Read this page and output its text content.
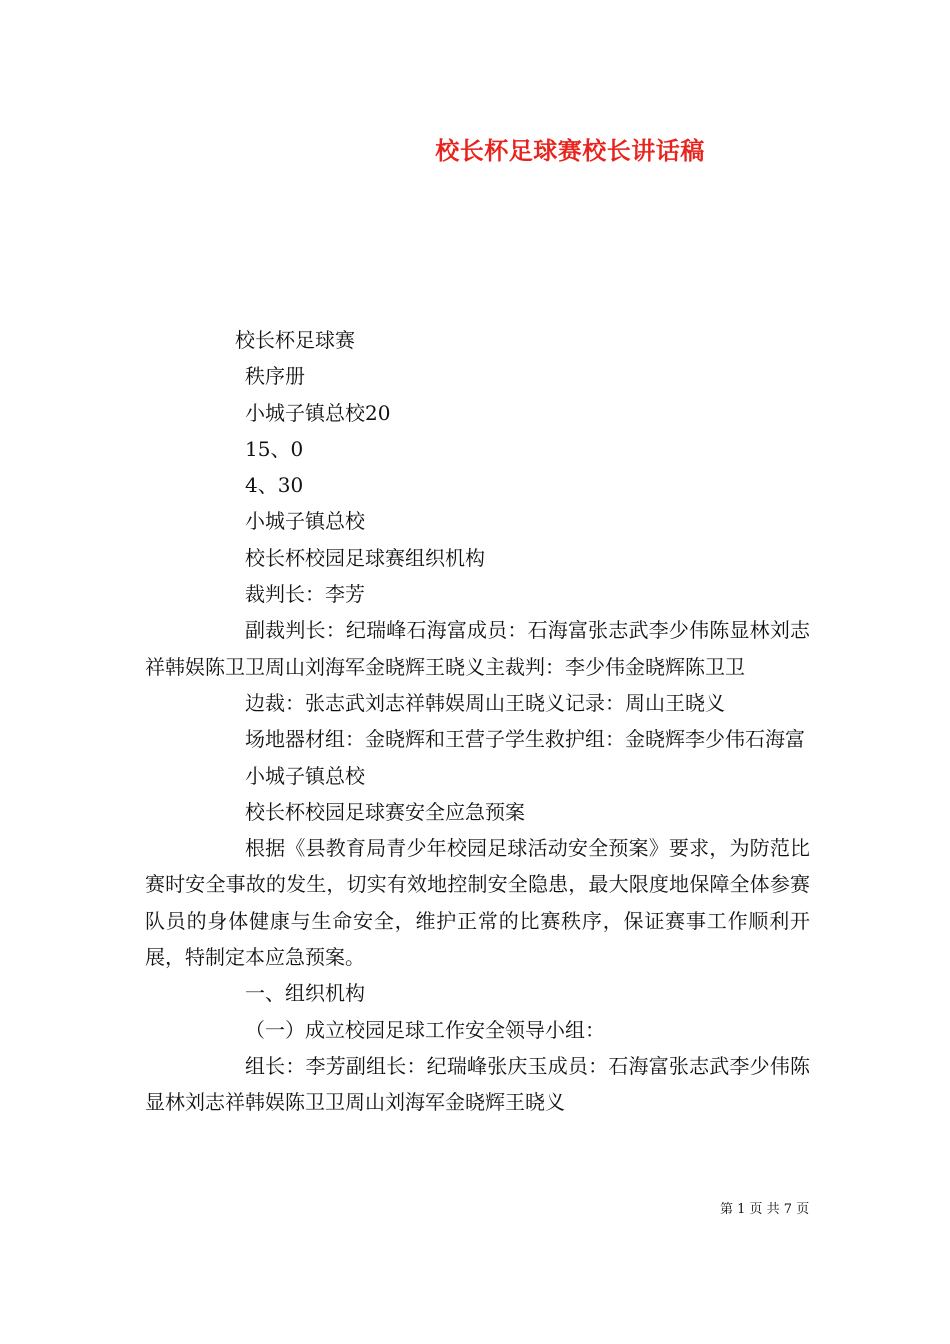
校长杯足球赛校长讲话稿

校长杯足球赛

秩序册

小城子镇总校20

15、0

4、30

小城子镇总校

校长杯校园足球赛组织机构

裁判长：李芳

副裁判长：纪瑞峰石海富成员：石海富张志武李少伟陈显林刘志祥韩娱陈卫卫周山刘海军金晓辉王晓义主裁判：李少伟金晓辉陈卫卫

边裁：张志武刘志祥韩娱周山王晓义记录：周山王晓义

场地器材组：金晓辉和王营子学生救护组：金晓辉李少伟石海富

小城子镇总校

校长杯校园足球赛安全应急预案

根据《县教育局青少年校园足球活动安全预案》要求，为防范比赛时安全事故的发生，切实有效地控制安全隐患，最大限度地保障全体参赛队员的身体健康与生命安全，维护正常的比赛秩序，保证赛事工作顺利开展，特制定本应急预案。

一、组织机构

（一）成立校园足球工作安全领导小组：

组长：李芳副组长：纪瑞峰张庆玉成员：石海富张志武李少伟陈显林刘志祥韩娱陈卫卫周山刘海军金晓辉王晓义

第 1 页 共 7 页
